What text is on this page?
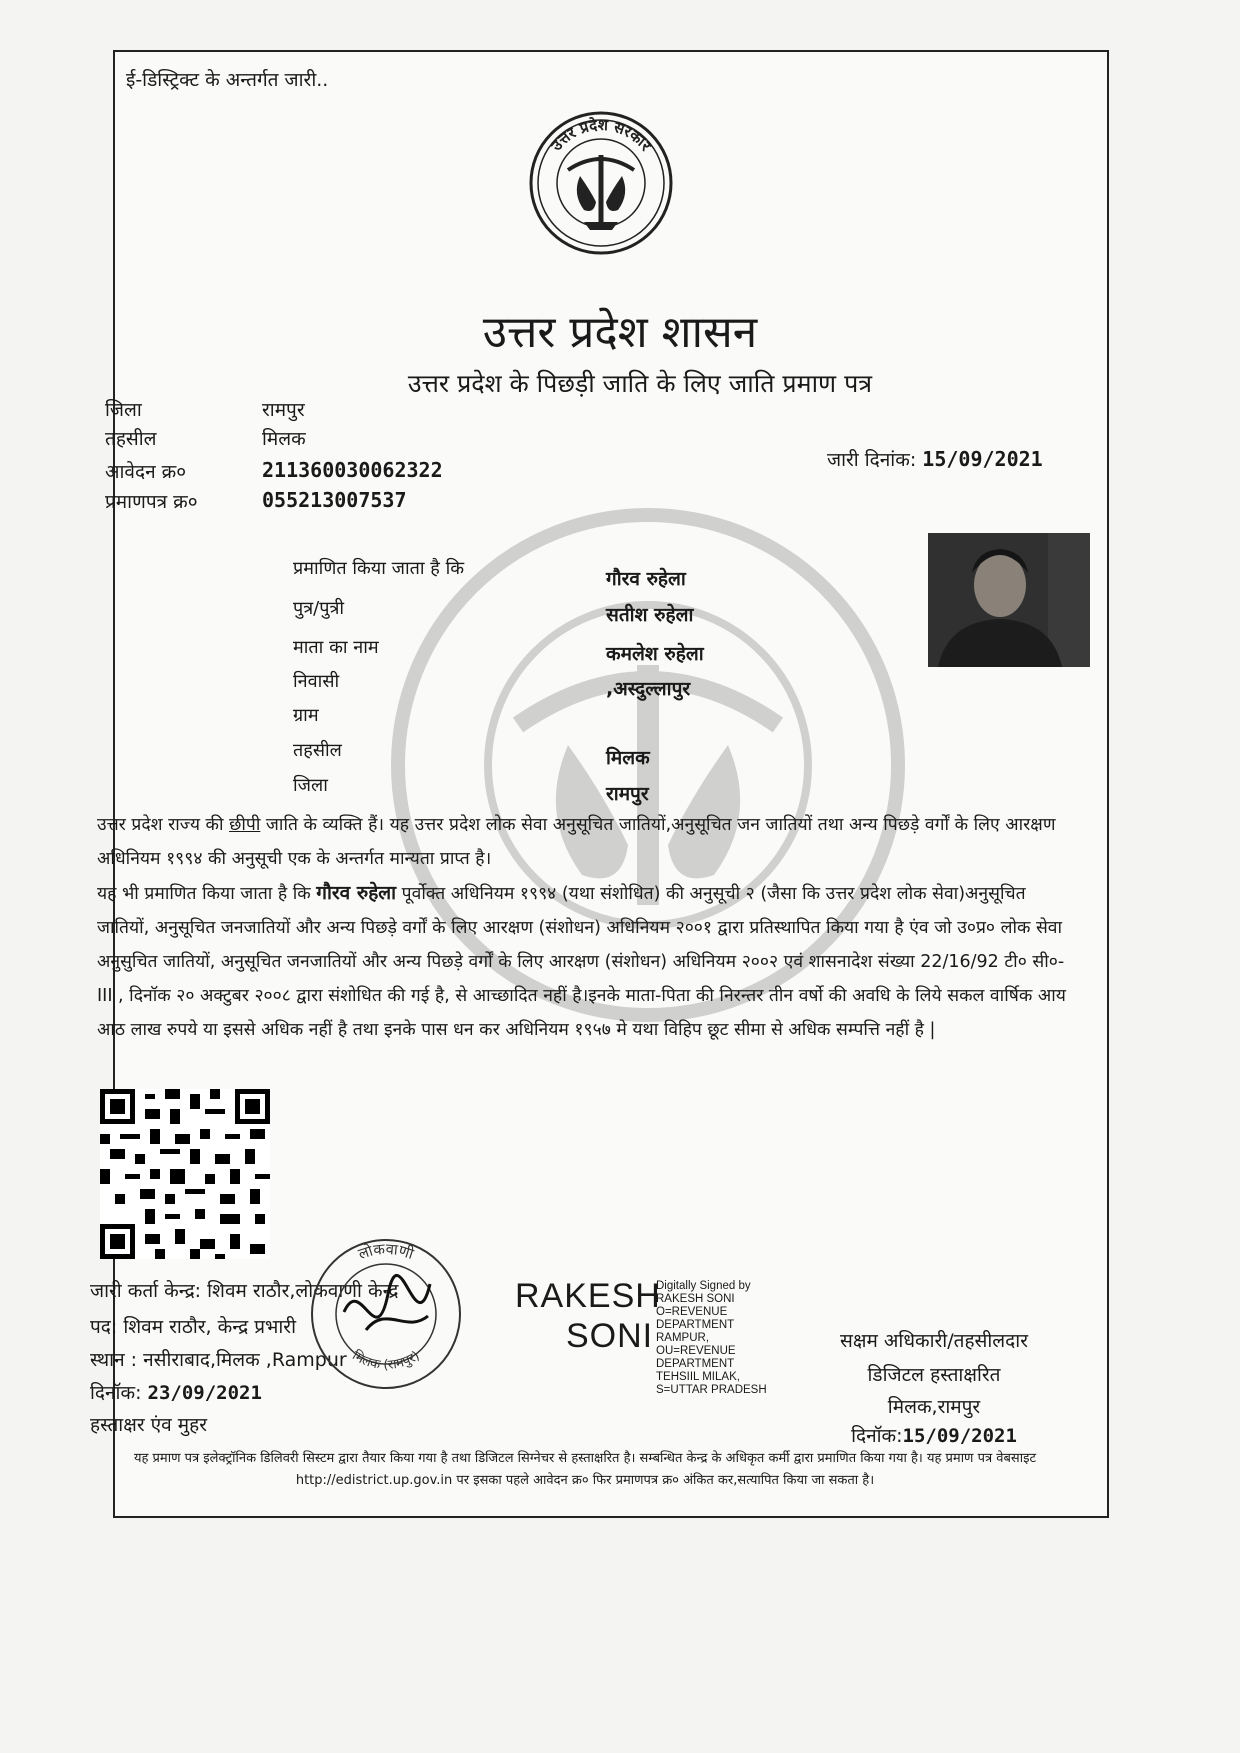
ई-डिस्ट्रिक्ट के अन्तर्गत जारी..
उत्तर प्रदेश सरकार
उत्तर प्रदेश शासन
उत्तर प्रदेश के पिछड़ी जाति के लिए जाति प्रमाण पत्र
जिला	रामपुर
तहसील	मिलक
आवेदन क्र०	211360030062322
प्रमाणपत्र क्र०	055213007537
जारी दिनांक: 15/09/2021
प्रमाणित किया जाता है कि	गौरव रुहेला
पुत्र/पुत्री	सतीश रुहेला
माता का नाम	कमलेश रुहेला
निवासी	,अस्दुल्लापुर
ग्राम
तहसील	मिलक
जिला	रामपुर
उत्तर प्रदेश राज्य की छीपी जाति के व्यक्ति हैं। यह उत्तर प्रदेश लोक सेवा अनुसूचित जातियों,अनुसूचित जन जातियों तथा अन्य पिछड़े वर्गों के लिए आरक्षण अधिनियम १९९४ की अनुसूची एक के अन्तर्गत मान्यता प्राप्त है।
यह भी प्रमाणित किया जाता है कि गौरव रुहेला पूर्वोक्त अधिनियम १९९४ (यथा संशोधित) की अनुसूची २ (जैसा कि उत्तर प्रदेश लोक सेवा)अनुसूचित जातियों, अनुसूचित जनजातियों और अन्य पिछड़े वर्गों के लिए आरक्षण (संशोधन) अधिनियम २००१ द्वारा प्रतिस्थापित किया गया है एंव जो उ०प्र० लोक सेवा अनुसुचित जातियों, अनुसूचित जनजातियों और अन्य पिछड़े वर्गों के लिए आरक्षण (संशोधन) अधिनियम २००२ एवं शासनादेश संख्या 22/16/92 टी० सी०-III , दिनॉक २० अक्टुबर २००८ द्वारा संशोधित की गई है, से आच्छादित नहीं है।इनके माता-पिता की निरन्तर तीन वर्षो की अवधि के लिये सकल वार्षिक आय आठ लाख रुपये या इससे अधिक नहीं है तथा इनके पास धन कर अधिनियम १९५७ मे यथा विहिप छूट सीमा से अधिक सम्पत्ति नहीं है |
जारी कर्ता केन्द्र: शिवम राठौर,लोकवाणी केन्द्र
पद: शिवम राठौर, केन्द्र प्रभारी
स्थान : नसीराबाद,मिलक ,Rampur
दिनॉक: 23/09/2021
हस्ताक्षर एंव मुहर
लोकवाणी
मिलक (रामपुर)
RAKESH
SONI
Digitally Signed by
RAKESH SONI
O=REVENUE
DEPARTMENT
RAMPUR,
OU=REVENUE
DEPARTMENT
TEHSIIL MILAK,
S=UTTAR PRADESH
सक्षम अधिकारी/तहसीलदार
डिजिटल हस्ताक्षरित
मिलक,रामपुर
दिनॉक:15/09/2021
यह प्रमाण पत्र इलेक्ट्रॉनिक डिलिवरी सिस्टम द्वारा तैयार किया गया है तथा डिजिटल सिग्नेचर से हस्ताक्षरित है। सम्बन्धित केन्द्र के अधिकृत कर्मी द्वारा प्रमाणित किया गया है। यह प्रमाण पत्र वेबसाइट http://edistrict.up.gov.in पर इसका पहले आवेदन क्र० फिर प्रमाणपत्र क्र० अंकित कर,सत्यापित किया जा सकता है।
